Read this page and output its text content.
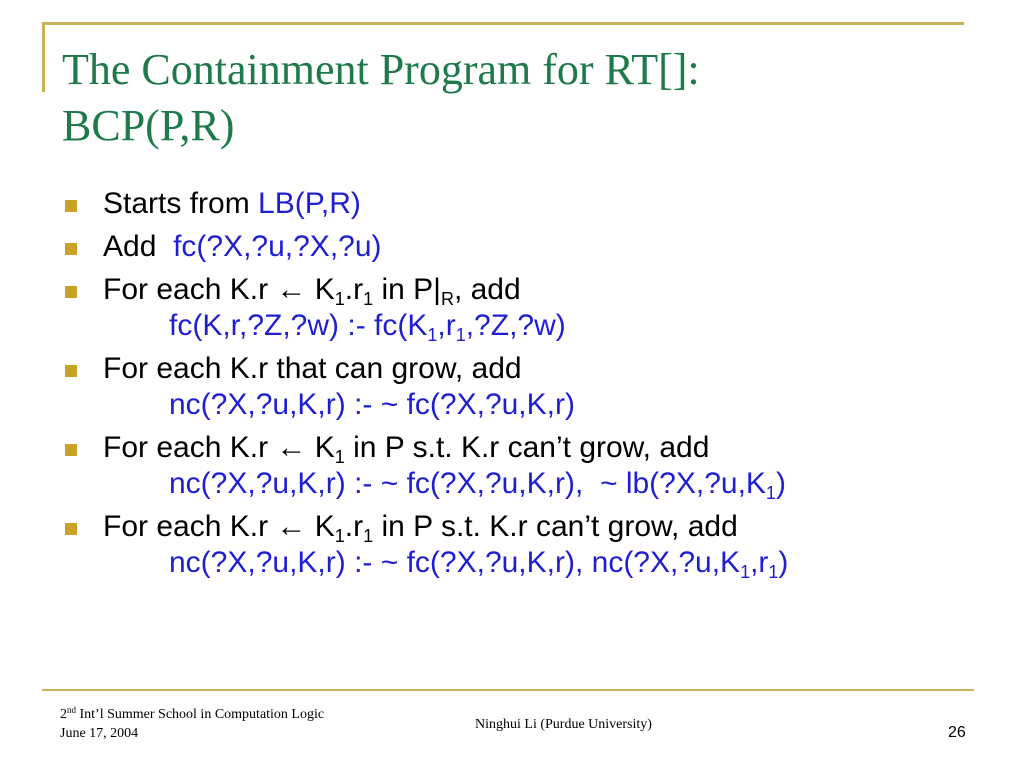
The Containment Program for RT[]:
BCP(P,R)
Starts from LB(P,R)
Add  fc(?X,?u,?X,?u)
For each K.r ← $K_1.r_1$ in $P|_R$, add
fc(K,r,?Z,?w) :- $fc(K_1,r_1,?Z,?w)$
For each K.r that can grow, add
nc(?X,?u,K,r) :- ~ fc(?X,?u,K,r)
For each K.r ← $K_1$ in P s.t. K.r can’t grow, add
nc(?X,?u,K,r) :- ~ fc(?X,?u,K,r),  ~ $lb(?X,?u,K_1)$
For each K.r ← $K_1.r_1$ in P s.t. K.r can’t grow, add
nc(?X,?u,K,r) :- ~ fc(?X,?u,K,r), $nc(?X,?u,K_1,r_1)$
2nd Int’l Summer School in Computation Logic
June 17, 2004
Ninghui Li (Purdue University)	26
